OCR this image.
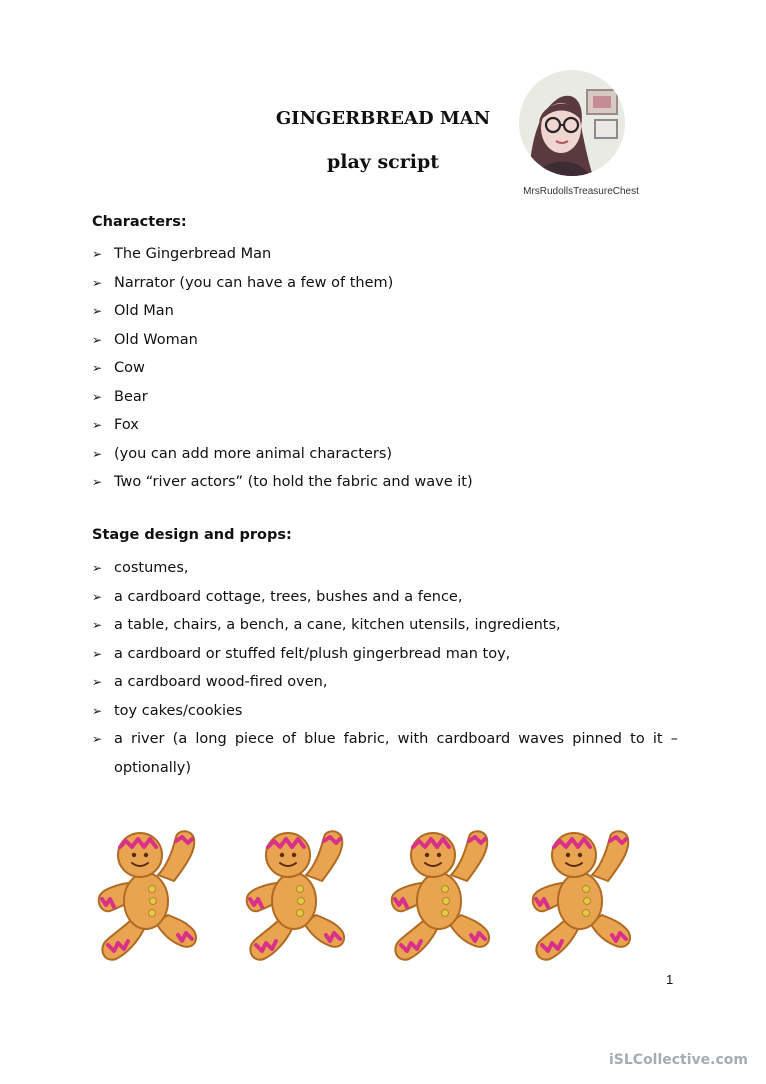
GINGERBREAD MAN
play script
MrsRudollsTreasureChest
Characters:
➢ The Gingerbread Man
➢ Narrator (you can have a few of them)
➢ Old Man
➢ Old Woman
➢ Cow
➢ Bear
➢ Fox
➢ (you can add more animal characters)
➢ Two “river actors” (to hold the fabric and wave it)
Stage design and props:
➢ costumes,
➢ a cardboard cottage, trees, bushes and a fence,
➢ a table, chairs, a bench, a cane, kitchen utensils, ingredients,
➢ a cardboard or stuffed felt/plush gingerbread man toy,
➢ a cardboard wood-fired oven,
➢ toy cakes/cookies
➢ a river (a long piece of blue fabric, with cardboard waves pinned to it – optionally)
1
iSLCollective.com
